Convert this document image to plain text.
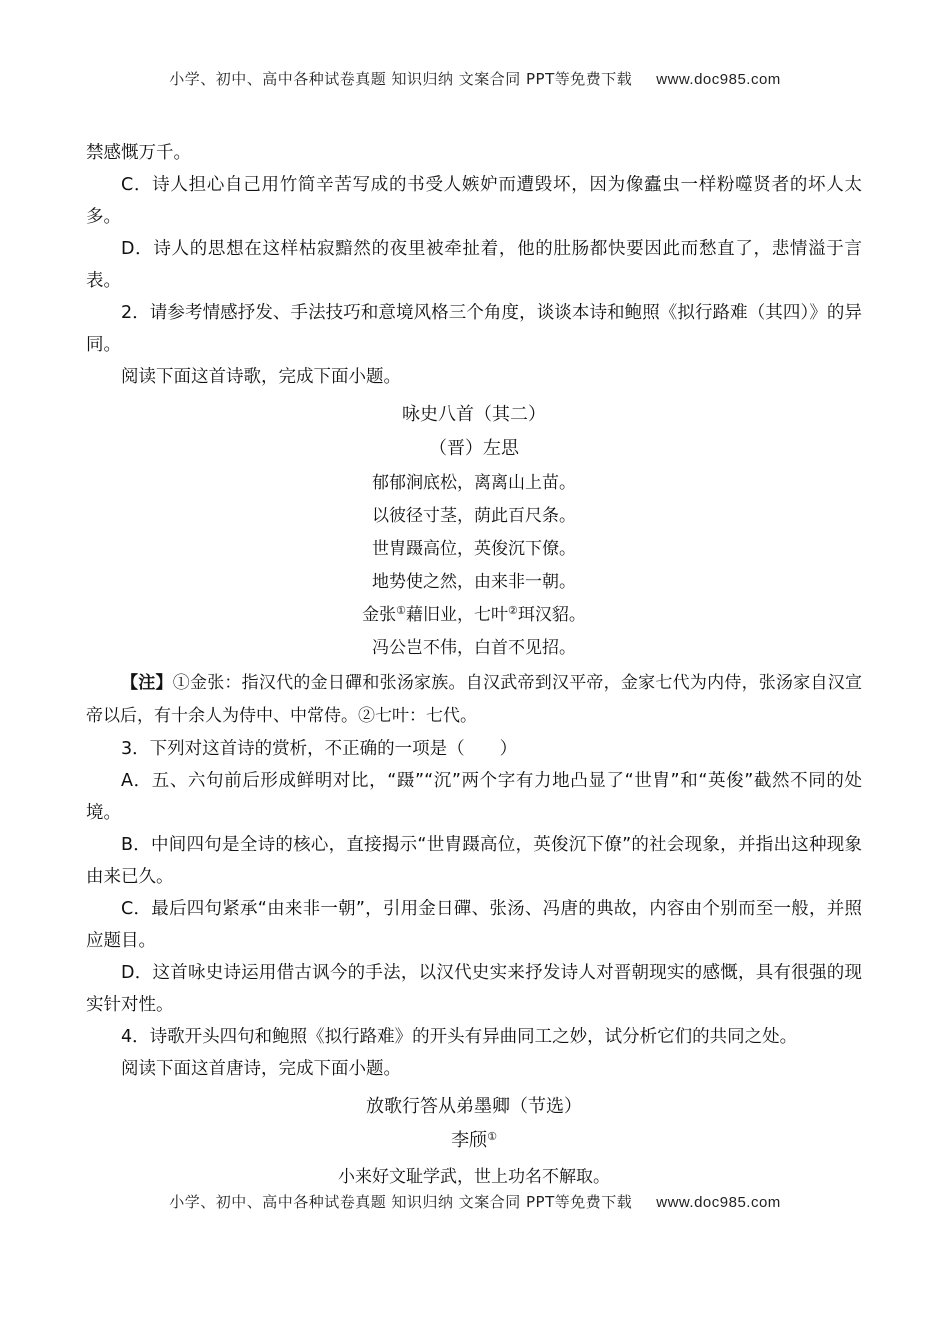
小学、初中、高中各种试卷真题 知识归纳 文案合同 PPT等免费下载 www.doc985.com

禁感慨万千。

C．诗人担心自己用竹简辛苦写成的书受人嫉妒而遭毁坏，因为像蠹虫一样粉噬贤者的坏人太多。

D．诗人的思想在这样枯寂黯然的夜里被牵扯着，他的肚肠都快要因此而愁直了，悲情溢于言表。

2．请参考情感抒发、手法技巧和意境风格三个角度，谈谈本诗和鲍照《拟行路难（其四）》的异同。

阅读下面这首诗歌，完成下面小题。

咏史八首（其二）

（晋）左思

郁郁涧底松，离离山上苗。

以彼径寸茎，荫此百尺条。

世胄蹑高位，英俊沉下僚。

地势使之然，由来非一朝。

金张①藉旧业，七叶②珥汉貂。

冯公岂不伟，白首不见招。

【注】①金张：指汉代的金日磾和张汤家族。自汉武帝到汉平帝，金家七代为内侍，张汤家自汉宣帝以后，有十余人为侍中、中常侍。②七叶：七代。

3．下列对这首诗的赏析，不正确的一项是（　　）

A．五、六句前后形成鲜明对比，“蹑”“沉”两个字有力地凸显了“世胄”和“英俊”截然不同的处境。

B．中间四句是全诗的核心，直接揭示“世胄蹑高位，英俊沉下僚”的社会现象，并指出这种现象由来已久。

C．最后四句紧承“由来非一朝”，引用金日磾、张汤、冯唐的典故，内容由个别而至一般，并照应题目。

D．这首咏史诗运用借古讽今的手法，以汉代史实来抒发诗人对晋朝现实的感慨，具有很强的现实针对性。

4．诗歌开头四句和鲍照《拟行路难》的开头有异曲同工之妙，试分析它们的共同之处。

阅读下面这首唐诗，完成下面小题。

放歌行答从弟墨卿（节选）

李颀①

小来好文耻学武，世上功名不解取。

小学、初中、高中各种试卷真题 知识归纳 文案合同 PPT等免费下载 www.doc985.com
